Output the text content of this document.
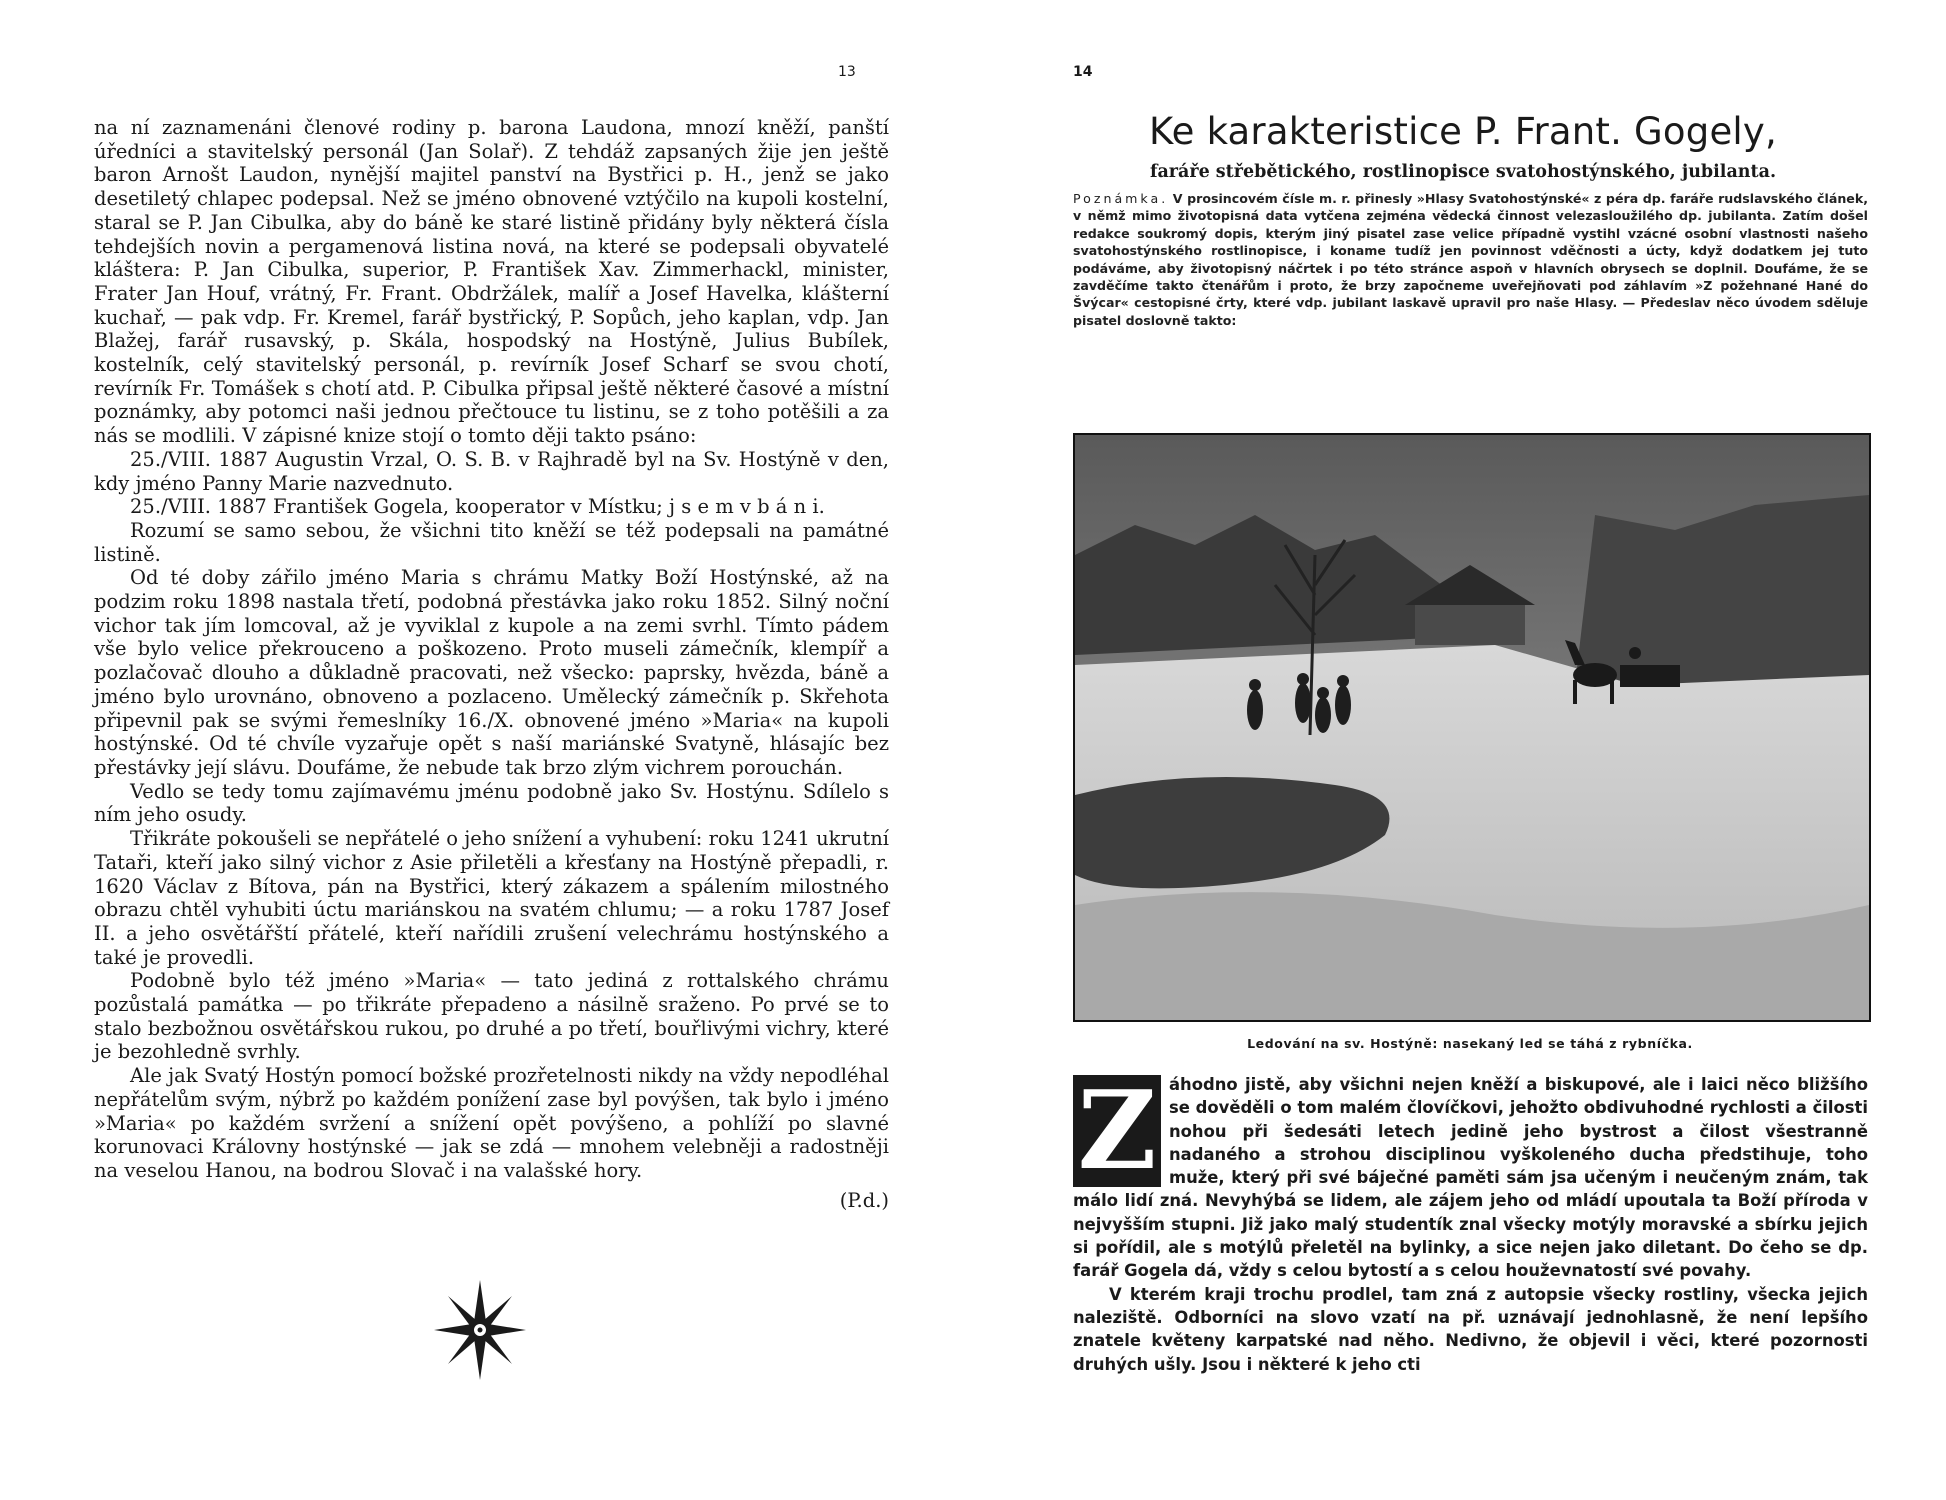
13

na ní zaznamenáni členové rodiny p. barona Laudona, mnozí kněží, panští úředníci a stavitelský personál (Jan Solař). Z tehdáž zapsaných žije jen ještě baron Arnošt Laudon, nynější majitel panství na Bystřici p. H., jenž se jako desetiletý chlapec podepsal. Než se jméno obnovené vztýčilo na kupoli kostelní, staral se P. Jan Cibulka, aby do báně ke staré listině přidány byly některá čísla tehdejších novin a pergamenová listina nová, na které se podepsali obyvatelé kláštera: P. Jan Cibulka, superior, P. František Xav. Zimmerhackl, minister, Frater Jan Houf, vrátný, Fr. Frant. Obdržálek, malíř a Josef Havelka, klášterní kuchař, — pak vdp. Fr. Kremel, farář bystřický, P. Sopůch, jeho kaplan, vdp. Jan Blažej, farář rusavský, p. Skála, hospodský na Hostýně, Julius Bubílek, kostelník, celý stavitelský personál, p. revírník Josef Scharf se svou chotí, revírník Fr. Tomášek s chotí atd. P. Cibulka připsal ještě některé časové a místní poznámky, aby potomci naši jednou přečtouce tu listinu, se z toho potěšili a za nás se modlili. V zápisné knize stojí o tomto ději takto psáno:

25./VIII. 1887 Augustin Vrzal, O. S. B. v Rajhradě byl na Sv. Hostýně v den, kdy jméno Panny Marie nazvednuto.

25./VIII. 1887 František Gogela, kooperator v Místku; j s e m v b á n i.

Rozumí se samo sebou, že všichni tito kněží se též podepsali na památné listině.

Od té doby zářilo jméno Maria s chrámu Matky Boží Hostýnské, až na podzim roku 1898 nastala třetí, podobná přestávka jako roku 1852. Silný noční vichor tak jím lomcoval, až je vyviklal z kupole a na zemi svrhl. Tímto pádem vše bylo velice překrouceno a poškozeno. Proto museli zámečník, klempíř a pozlačovač dlouho a důkladně pracovati, než všecko: paprsky, hvězda, báně a jméno bylo urovnáno, obnoveno a pozlaceno. Umělecký zámečník p. Skřehota připevnil pak se svými řemeslníky 16./X. obnovené jméno »Maria« na kupoli hostýnské. Od té chvíle vyzařuje opět s naší mariánské Svatyně, hlásajíc bez přestávky její slávu. Doufáme, že nebude tak brzo zlým vichrem porouchán.

Vedlo se tedy tomu zajímavému jménu podobně jako Sv. Hostýnu. Sdílelo s ním jeho osudy.

Třikráte pokoušeli se nepřátelé o jeho snížení a vyhubení: roku 1241 ukrutní Tataři, kteří jako silný vichor z Asie přiletěli a křesťany na Hostýně přepadli, r. 1620 Václav z Bítova, pán na Bystřici, který zákazem a spálením milostného obrazu chtěl vyhubiti úctu mariánskou na svatém chlumu; — a roku 1787 Josef II. a jeho osvětářští přátelé, kteří nařídili zrušení velechrámu hostýnského a také je provedli.

Podobně bylo též jméno »Maria« — tato jediná z rottalského chrámu pozůstalá památka — po třikráte přepadeno a násilně sraženo. Po prvé se to stalo bezbožnou osvětářskou rukou, po druhé a po třetí, bouřlivými vichry, které je bezohledně svrhly.

Ale jak Svatý Hostýn pomocí božské prozřetelnosti nikdy na vždy nepodléhal nepřátelům svým, nýbrž po každém ponížení zase byl povýšen, tak bylo i jméno »Maria« po každém svržení a snížení opět povýšeno, a pohlíží po slavné korunovaci Královny hostýnské — jak se zdá — mnohem velebněji a radostněji na veselou Hanou, na bodrou Slovač i na valašské hory.

(P.d.)

14
Ke karakteristice P. Frant. Gogely,
faráře střebětického, rostlinopisce svatohostýnského, jubilanta.
Poznámka. V prosincovém čísle m. r. přinesly »Hlasy Svatohostýnské« z péra dp. faráře rudslavského článek, v němž mimo životopisná data vytčena zejména vědecká činnost velezasloužilého dp. jubilanta. Zatím došel redakce soukromý dopis, kterým jiný pisatel zase velice případně vystihl vzácné osobní vlastnosti našeho svatohostýnského rostlinopisce, i koname tudíž jen povinnost vděčnosti a úcty, když dodatkem jej tuto podáváme, aby životopisný náčrtek i po této stránce aspoň v hlavních obrysech se doplnil. Doufáme, že se zavděčíme takto čtenářům i proto, že brzy započneme uveřejňovati pod záhlavím »Z požehnané Hané do Švýcar« cestopisné črty, které vdp. jubilant laskavě upravil pro naše Hlasy. — Předeslav něco úvodem sděluje pisatel doslovně takto:
Ledování na sv. Hostýně: nasekaný led se táhá z rybníčka.
Z áhodno jistě, aby všichni nejen kněží a biskupové, ale i laici něco bližšího se dověděli o tom malém človíčkovi, jehožto obdivuhodné rychlosti a čilosti nohou při šedesáti letech jedině jeho bystrost a čilost všestranně nadaného a strohou disciplinou vyškoleného ducha předstihuje, toho muže, který při své báječné paměti sám jsa učeným i neučeným znám, tak málo lidí zná. Nevyhýbá se lidem, ale zájem jeho od mládí upoutala ta Boží příroda v nejvyšším stupni. Již jako malý studentík znal všecky motýly moravské a sbírku jejich si pořídil, ale s motýlů přeletěl na bylinky, a sice nejen jako diletant. Do čeho se dp. farář Gogela dá, vždy s celou bytostí a s celou houževnatostí své povahy.

V kterém kraji trochu prodlel, tam zná z autopsie všecky rostliny, všecka jejich naleziště. Odborníci na slovo vzatí na př. uznávají jednohlasně, že není lepšího znatele květeny karpatské nad něho. Nedivno, že objevil i věci, které pozornosti druhých ušly. Jsou i některé k jeho cti
